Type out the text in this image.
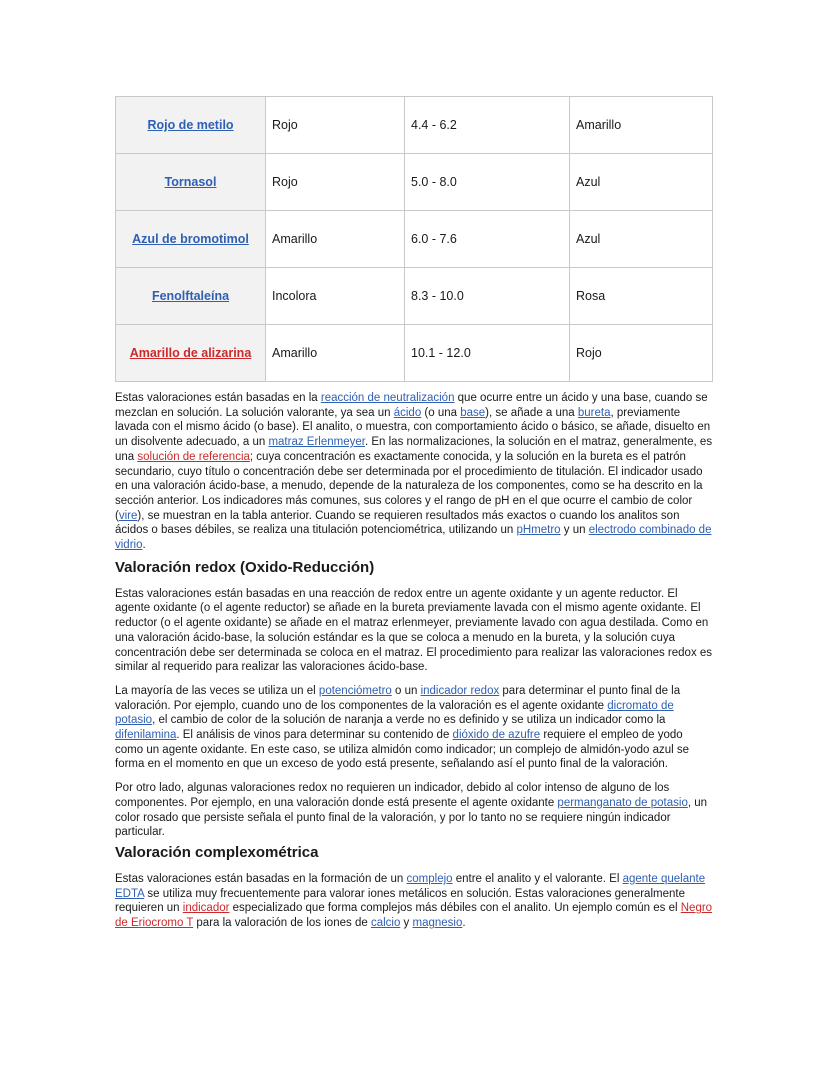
Rojo de metilo	Rojo	4.4 - 6.2	Amarillo
Tornasol	Rojo	5.0 - 8.0	Azul
Azul de bromotimol	Amarillo	6.0 - 7.6	Azul
Fenolftaleína	Incolora	8.3 - 10.0	Rosa
Amarillo de alizarina	Amarillo	10.1 - 12.0	Rojo

Estas valoraciones están basadas en la reacción de neutralización que ocurre entre un ácido y una base, cuando se mezclan en solución. La solución valorante, ya sea un ácido (o una base), se añade a una bureta, previamente lavada con el mismo ácido (o base). El analito, o muestra, con comportamiento ácido o básico, se añade, disuelto en un disolvente adecuado, a un matraz Erlenmeyer. En las normalizaciones, la solución en el matraz, generalmente, es una solución de referencia; cuya concentración es exactamente conocida, y la solución en la bureta es el patrón secundario, cuyo título o concentración debe ser determinada por el procedimiento de titulación. El indicador usado en una valoración ácido-base, a menudo, depende de la naturaleza de los componentes, como se ha descrito en la sección anterior. Los indicadores más comunes, sus colores y el rango de pH en el que ocurre el cambio de color (vire), se muestran en la tabla anterior. Cuando se requieren resultados más exactos o cuando los analitos son ácidos o bases débiles, se realiza una titulación potenciométrica, utilizando un pHmetro y un electrodo combinado de vidrio.

Valoración redox (Oxido-Reducción)

Estas valoraciones están basadas en una reacción de redox entre un agente oxidante y un agente reductor. El agente oxidante (o el agente reductor) se añade en la bureta previamente lavada con el mismo agente oxidante. El reductor (o el agente oxidante) se añade en el matraz erlenmeyer, previamente lavado con agua destilada. Como en una valoración ácido-base, la solución estándar es la que se coloca a menudo en la bureta, y la solución cuya concentración debe ser determinada se coloca en el matraz. El procedimiento para realizar las valoraciones redox es similar al requerido para realizar las valoraciones ácido-base.

La mayoría de las veces se utiliza un el potenciómetro o un indicador redox para determinar el punto final de la valoración. Por ejemplo, cuando uno de los componentes de la valoración es el agente oxidante dicromato de potasio, el cambio de color de la solución de naranja a verde no es definido y se utiliza un indicador como la difenilamina. El análisis de vinos para determinar su contenido de dióxido de azufre requiere el empleo de yodo como un agente oxidante. En este caso, se utiliza almidón como indicador; un complejo de almidón-yodo azul se forma en el momento en que un exceso de yodo está presente, señalando así el punto final de la valoración.

Por otro lado, algunas valoraciones redox no requieren un indicador, debido al color intenso de alguno de los componentes. Por ejemplo, en una valoración donde está presente el agente oxidante permanganato de potasio, un color rosado que persiste señala el punto final de la valoración, y por lo tanto no se requiere ningún indicador particular.

Valoración complexométrica

Estas valoraciones están basadas en la formación de un complejo entre el analito y el valorante. El agente quelante EDTA se utiliza muy frecuentemente para valorar iones metálicos en solución. Estas valoraciones generalmente requieren un indicador especializado que forma complejos más débiles con el analito. Un ejemplo común es el Negro de Eriocromo T para la valoración de los iones de calcio y magnesio.
